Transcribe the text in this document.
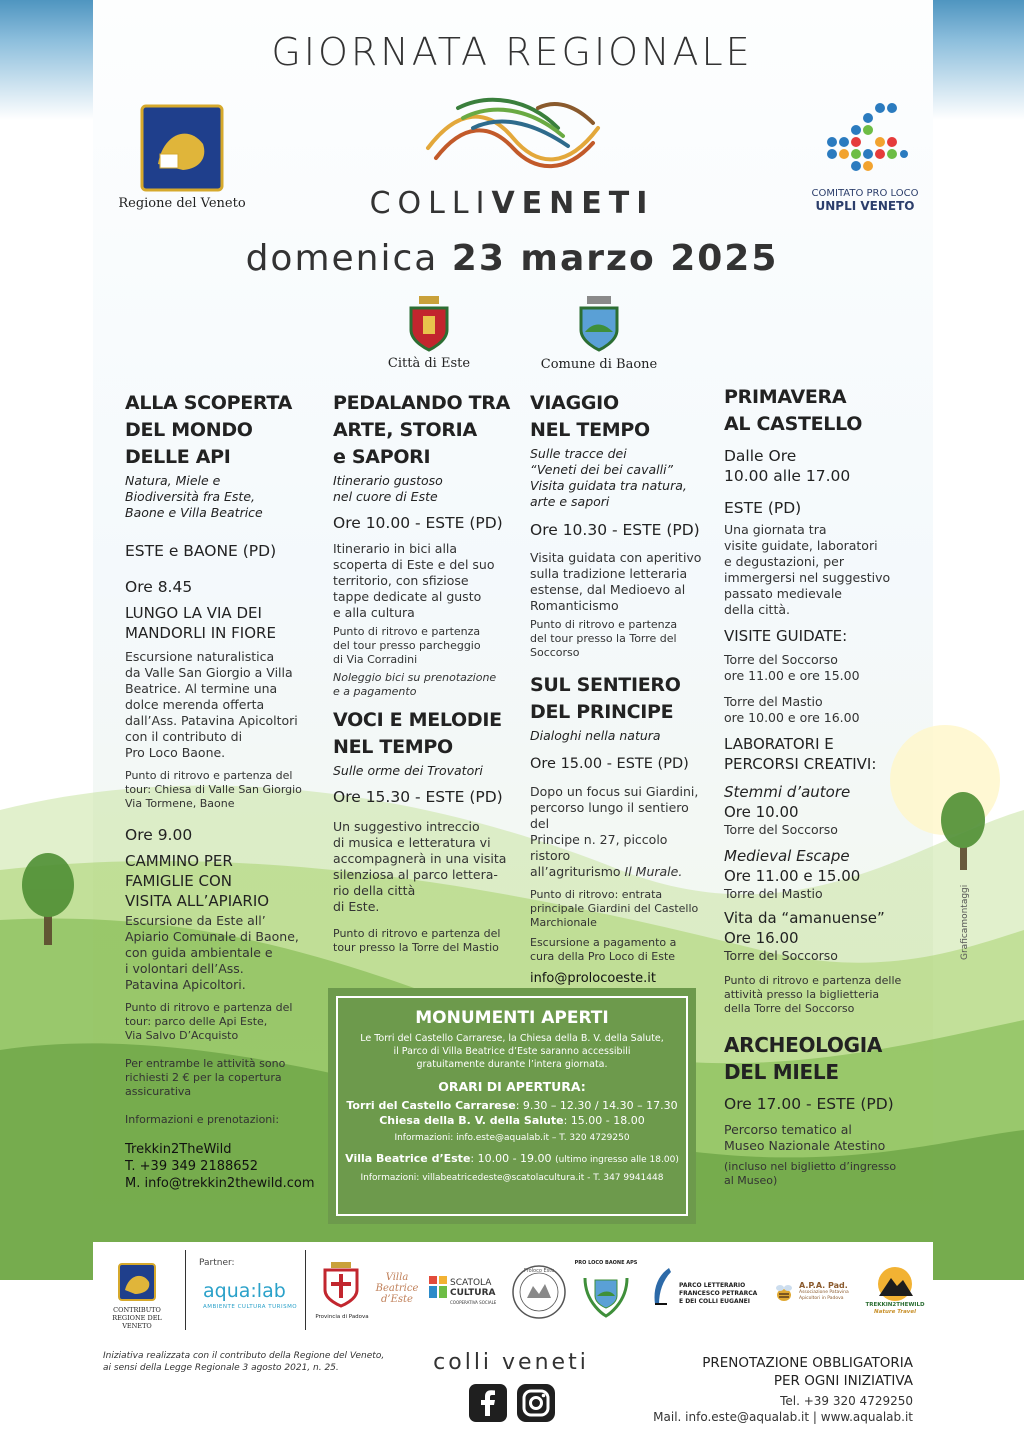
GIORNATA REGIONALE
COLLIVENETI
domenica 23 marzo 2025
Regione del Veneto
COMITATO PRO LOCO
UNPLI VENETO
Città di Este	Comune di Baone
ALLA SCOPERTA
DEL MONDO
DELLE API
Natura, Miele e
Biodiversità fra Este,
Baone e Villa Beatrice
ESTE e BAONE (PD)
Ore 8.45
LUNGO LA VIA DEI
MANDORLI IN FIORE
Escursione naturalistica
da Valle San Giorgio a Villa
Beatrice. Al termine una
dolce merenda offerta
dall’Ass. Patavina Apicoltori
con il contributo di
Pro Loco Baone.
Punto di ritrovo e partenza del
tour: Chiesa di Valle San Giorgio
Via Tormene, Baone
Ore 9.00
CAMMINO PER
FAMIGLIE CON
VISITA ALL’APIARIO
Escursione da Este all’
Apiario Comunale di Baone,
con guida ambientale e
i volontari dell’Ass.
Patavina Apicoltori.
Punto di ritrovo e partenza del
tour: parco delle Api Este,
Via Salvo D’Acquisto
Per entrambe le attività sono
richiesti 2 € per la copertura
assicurativa
Informazioni e prenotazioni:
Trekkin2TheWild
T. +39 349 2188652
M. info@trekkin2thewild.com
PEDALANDO TRA
ARTE, STORIA
e SAPORI
Itinerario gustoso
nel cuore di Este
Ore 10.00 - ESTE (PD)
Itinerario in bici alla
scoperta di Este e del suo
territorio, con sfiziose
tappe dedicate al gusto
e alla cultura
Punto di ritrovo e partenza
del tour presso parcheggio
di Via Corradini
Noleggio bici su prenotazione
e a pagamento
VOCI E MELODIE
NEL TEMPO
Sulle orme dei Trovatori
Ore 15.30 - ESTE (PD)
Un suggestivo intreccio
di musica e letteratura vi
accompagnerà in una visita
silenziosa al parco lettera-
rio della città
di Este.
Punto di ritrovo e partenza del
tour presso la Torre del Mastio
VIAGGIO
NEL TEMPO
Sulle tracce dei
“Veneti dei bei cavalli”
Visita guidata tra natura,
arte e sapori
Ore 10.30 - ESTE (PD)
Visita guidata con aperitivo
sulla tradizione letteraria
estense, dal Medioevo al
Romanticismo
Punto di ritrovo e partenza
del tour presso la Torre del
Soccorso
SUL SENTIERO
DEL PRINCIPE
Dialoghi nella natura
Ore 15.00 - ESTE (PD)
Dopo un focus sui Giardini,
percorso lungo il sentiero del
Principe n. 27, piccolo ristoro
all’agriturismo Il Murale.
Punto di ritrovo: entrata
principale Giardini del Castello
Marchionale
Escursione a pagamento a
cura della Pro Loco di Este
info@prolocoeste.it
PRIMAVERA
AL CASTELLO
Dalle Ore
10.00 alle 17.00
ESTE (PD)
Una giornata tra
visite guidate, laboratori
e degustazioni, per
immergersi nel suggestivo
passato medievale
della città.
VISITE GUIDATE:
Torre del Soccorso
ore 11.00 e ore 15.00
Torre del Mastio
ore 10.00 e ore 16.00
LABORATORI E
PERCORSI CREATIVI:
Stemmi d’autore
Ore 10.00
Torre del Soccorso
Medieval Escape
Ore 11.00 e 15.00
Torre del Mastio
Vita da “amanuense”
Ore 16.00
Torre del Soccorso
Punto di ritrovo e partenza delle
attività presso la biglietteria
della Torre del Soccorso
ARCHEOLOGIA
DEL MIELE
Ore 17.00 - ESTE (PD)
Percorso tematico al
Museo Nazionale Atestino
(incluso nel biglietto d’ingresso
al Museo)
Graficamontaggi
MONUMENTI APERTI
Le Torri del Castello Carrarese, la Chiesa della B. V. della Salute,
il Parco di Villa Beatrice d’Este saranno accessibili
gratuitamente durante l’intera giornata.
ORARI DI APERTURA:
Torri del Castello Carrarese: 9.30 – 12.30 / 14.30 – 17.30
Chiesa della B. V. della Salute: 15.00 - 18.00
Informazioni: info.este@aqualab.it – T. 320 4729250
Villa Beatrice d’Este: 10.00 - 19.00 (ultimo ingresso alle 18.00)
Informazioni: villabeatricedeste@scatolacultura.it - T. 347 9941448
CONTRIBUTO
REGIONE DEL VENETO
Partner:
aqua:lab
AMBIENTE CULTURA TURISMO
Provincia di Padova
Villa
Beatrice
d’Este
SCATOLA
CULTURA
COOPERATIVA SOCIALE
Proloco Este
PRO LOCO BAONE APS
PARCO LETTERARIO
FRANCESCO PETRARCA
E DEI COLLI EUGANEI
A.P.A. Pad.
Associazione Patavina
Apicoltori in Padova
TREKKIN2THEWILD
Nature Travel
Iniziativa realizzata con il contributo della Regione del Veneto,
ai sensi della Legge Regionale 3 agosto 2021, n. 25.	colli veneti	PRENOTAZIONE OBBLIGATORIA
PER OGNI INIZIATIVA
Tel. +39 320 4729250
Mail. info.este@aqualab.it | www.aqualab.it
